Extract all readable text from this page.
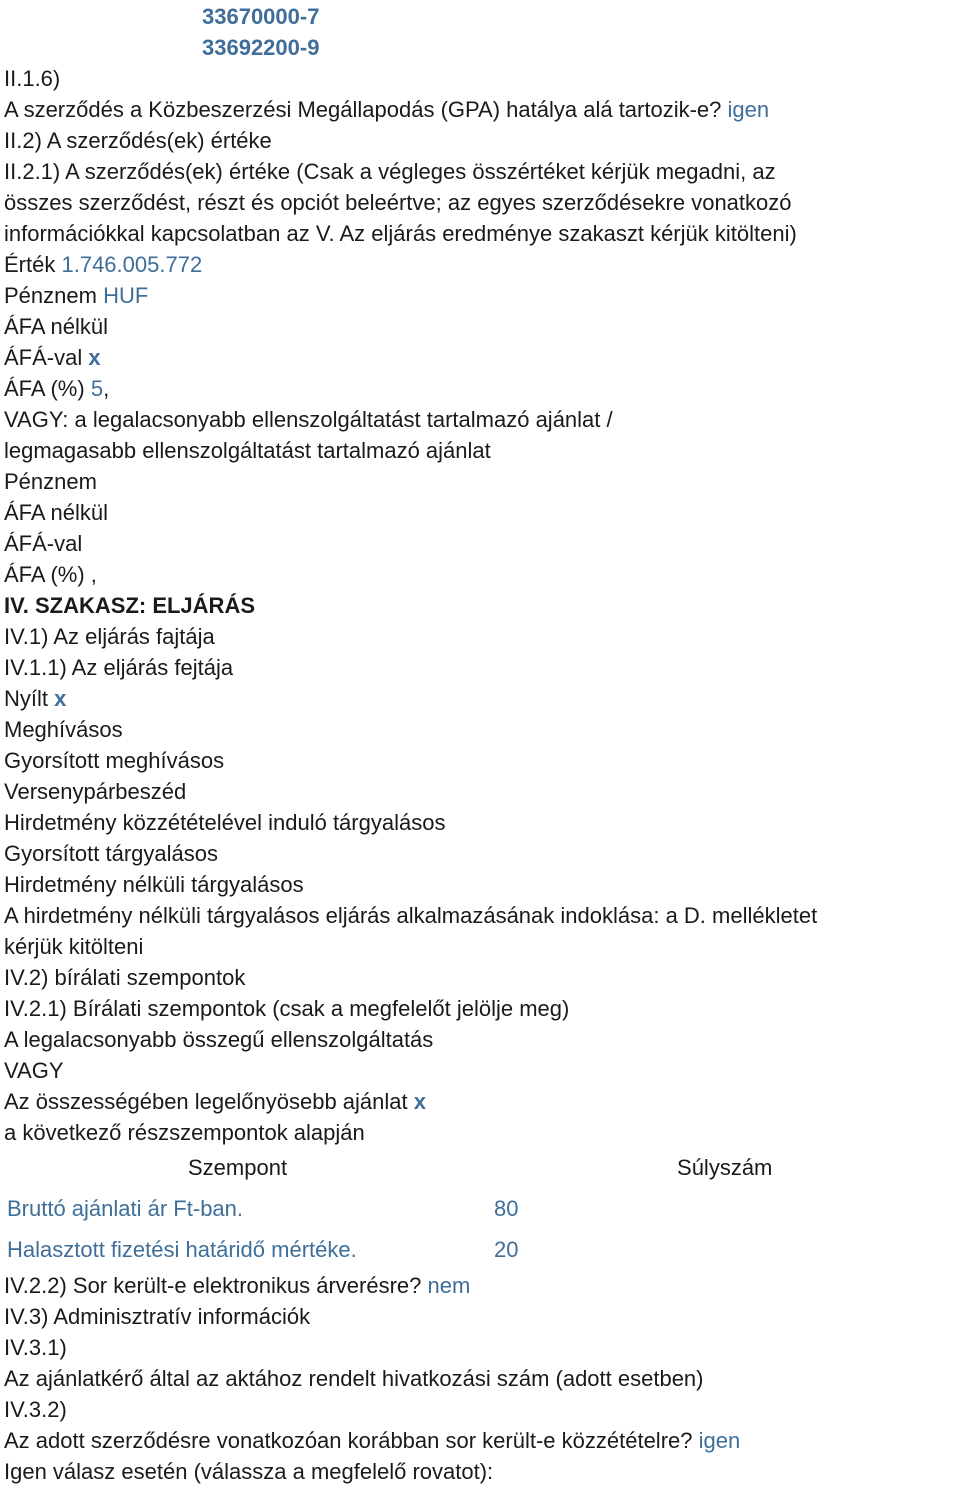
33670000-7
33692200-9
II.1.6)
A szerződés a Közbeszerzési Megállapodás (GPA) hatálya alá tartozik-e? igen
II.2) A szerződés(ek) értéke
II.2.1) A szerződés(ek) értéke (Csak a végleges összértéket kérjük megadni, az
összes szerződést, részt és opciót beleértve; az egyes szerződésekre vonatkozó
információkkal kapcsolatban az V. Az eljárás eredménye szakaszt kérjük kitölteni)
Érték 1.746.005.772
Pénznem HUF
ÁFA nélkül
ÁFÁ-val x
ÁFA (%) 5,
VAGY: a legalacsonyabb ellenszolgáltatást tartalmazó ajánlat /
legmagasabb ellenszolgáltatást tartalmazó ajánlat
Pénznem
ÁFA nélkül
ÁFÁ-val
ÁFA (%) ,
IV. SZAKASZ: ELJÁRÁS
IV.1) Az eljárás fajtája
IV.1.1) Az eljárás fejtája
Nyílt x
Meghívásos
Gyorsított meghívásos
Versenypárbeszéd
Hirdetmény közzétételével induló tárgyalásos
Gyorsított tárgyalásos
Hirdetmény nélküli tárgyalásos
A hirdetmény nélküli tárgyalásos eljárás alkalmazásának indoklása: a D. mellékletet
kérjük kitölteni
IV.2) bírálati szempontok
IV.2.1) Bírálati szempontok (csak a megfelelőt jelölje meg)
A legalacsonyabb összegű ellenszolgáltatás
VAGY
Az összességében legelőnyösebb ajánlat x
a következő részszempontok alapján
Szempont	Súlyszám
Bruttó ajánlati ár Ft-ban.	80
Halasztott fizetési határidő mértéke.	20
IV.2.2) Sor került-e elektronikus árverésre? nem
IV.3) Adminisztratív információk
IV.3.1)
Az ajánlatkérő által az aktához rendelt hivatkozási szám (adott esetben)
IV.3.2)
Az adott szerződésre vonatkozóan korábban sor került-e közzétételre? igen
Igen válasz esetén (válassza a megfelelő rovatot):
